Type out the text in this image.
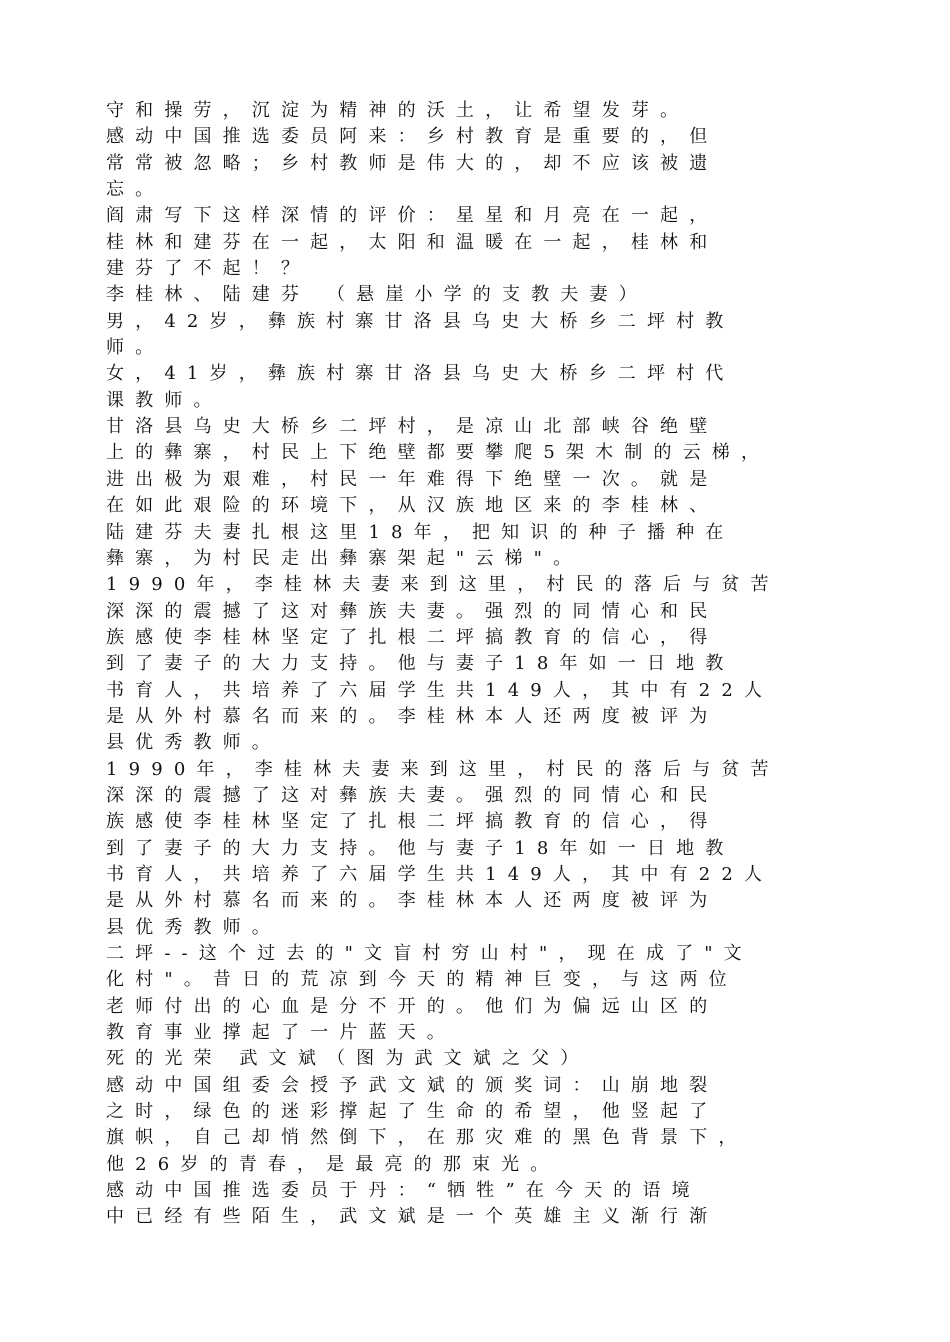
守和操劳，沉淀为精神的沃土，让希望发芽。
感动中国推选委员阿来：乡村教育是重要的，但
常常被忽略；乡村教师是伟大的，却不应该被遗
忘。
阎肃写下这样深情的评价：星星和月亮在一起，
桂林和建芬在一起，太阳和温暖在一起，桂林和
建芬了不起！？
李桂林、陆建芬 （悬崖小学的支教夫妻）
男，42岁，彝族村寨甘洛县乌史大桥乡二坪村教
师。
女，41岁，彝族村寨甘洛县乌史大桥乡二坪村代
课教师。
甘洛县乌史大桥乡二坪村，是凉山北部峡谷绝壁
上的彝寨，村民上下绝壁都要攀爬5架木制的云梯，
进出极为艰难，村民一年难得下绝壁一次。就是
在如此艰险的环境下，从汉族地区来的李桂林、
陆建芬夫妻扎根这里18年，把知识的种子播种在
彝寨，为村民走出彝寨架起"云梯"。
1990年，李桂林夫妻来到这里，村民的落后与贫苦
深深的震撼了这对彝族夫妻。强烈的同情心和民
族感使李桂林坚定了扎根二坪搞教育的信心，得
到了妻子的大力支持。他与妻子18年如一日地教
书育人，共培养了六届学生共149人，其中有22人
是从外村慕名而来的。李桂林本人还两度被评为
县优秀教师。
1990年，李桂林夫妻来到这里，村民的落后与贫苦
深深的震撼了这对彝族夫妻。强烈的同情心和民
族感使李桂林坚定了扎根二坪搞教育的信心，得
到了妻子的大力支持。他与妻子18年如一日地教
书育人，共培养了六届学生共149人，其中有22人
是从外村慕名而来的。李桂林本人还两度被评为
县优秀教师。
二坪--这个过去的"文盲村穷山村"，现在成了"文
化村"。昔日的荒凉到今天的精神巨变，与这两位
老师付出的心血是分不开的。他们为偏远山区的
教育事业撑起了一片蓝天。
死的光荣 武文斌（图为武文斌之父）
感动中国组委会授予武文斌的颁奖词：山崩地裂
之时，绿色的迷彩撑起了生命的希望，他竖起了
旗帜，自己却悄然倒下，在那灾难的黑色背景下，
他26岁的青春，是最亮的那束光。
感动中国推选委员于丹：“牺牲”在今天的语境
中已经有些陌生，武文斌是一个英雄主义渐行渐
